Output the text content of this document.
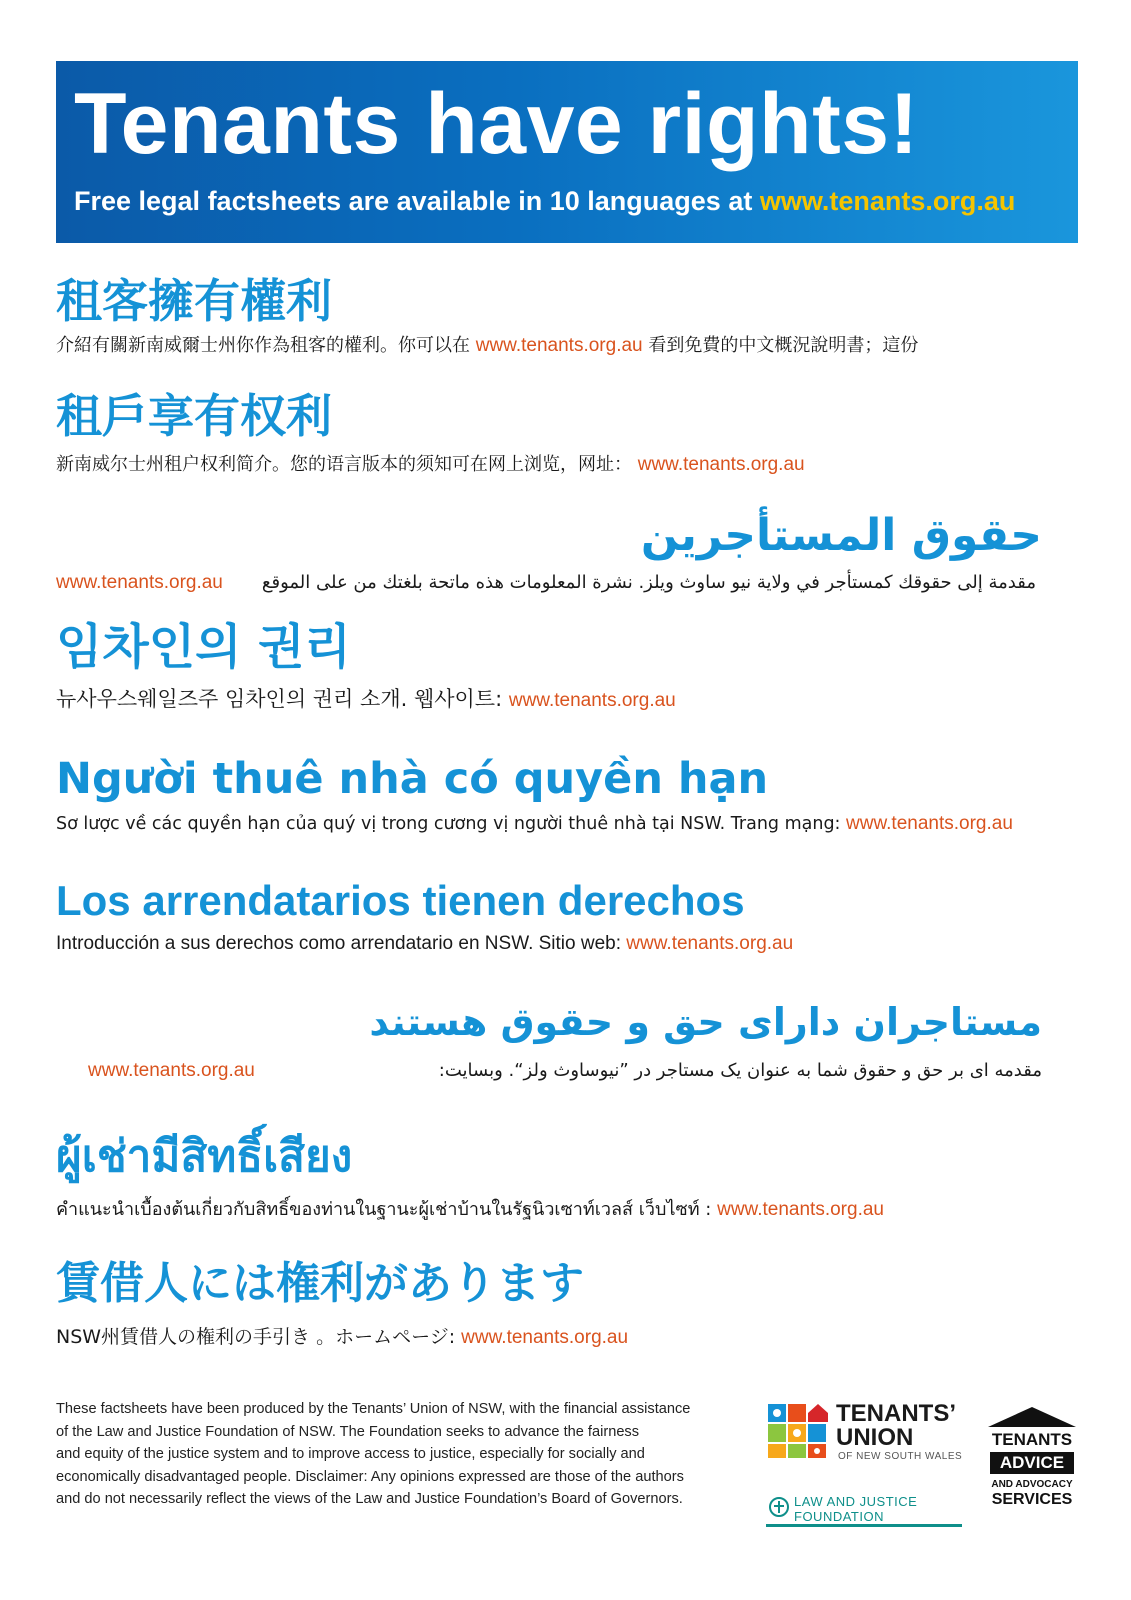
Tenants have rights!
Free legal factsheets are available in 10 languages at www.tenants.org.au
租客擁有權利

介紹有關新南威爾士州你作為租客的權利。你可以在 www.tenants.org.au 看到免費的中文概況說明書；這份

租戶享有权利

新南威尔士州租户权利简介。您的语言版本的须知可在网上浏览，网址： www.tenants.org.au

حقوق المستأجرين

www.tenants.org.au مقدمة إلى حقوقك كمستأجر في ولاية نيو ساوث ويلز. نشرة المعلومات هذه ماتحة بلغتك من على الموقع

임차인의 권리

뉴사우스웨일즈주 임차인의 권리 소개. 웹사이트: www.tenants.org.au

Người thuê nhà có quyền hạn

Sơ lược về các quyền hạn của quý vị trong cương vị người thuê nhà tại NSW. Trang mạng: www.tenants.org.au

Los arrendatarios tienen derechos

Introducción a sus derechos como arrendatario en NSW. Sitio web: www.tenants.org.au

مستاجران دارای حق و حقوق هستند

www.tenants.org.au	مقدمه ای بر حق و حقوق شما به عنوان یک مستاجر در ”نیوساوث ولز“. وبسایت:

ผู้เช่ามีสิทธิ์เสียง

คำแนะนำเบื้องต้นเกี่ยวกับสิทธิ์ของท่านในฐานะผู้เช่าบ้านในรัฐนิวเซาท์เวลส์ เว็บไซท์ : www.tenants.org.au

賃借人には権利があります

NSW州賃借人の権利の手引き 。ホームページ: www.tenants.org.au

These factsheets have been produced by the Tenants’ Union of NSW, with the financial assistance
of the Law and Justice Foundation of NSW. The Foundation seeks to advance the fairness
and equity of the justice system and to improve access to justice, especially for socially and
economically disadvantaged people. Disclaimer: Any opinions expressed are those of the authors
and do not necessarily reflect the views of the Law and Justice Foundation’s Board of Governors.
TENANTS’
UNION
OF NEW SOUTH WALES
LAW AND JUSTICE
FOUNDATION
TENANTS
ADVICE
AND ADVOCACY
SERVICES
